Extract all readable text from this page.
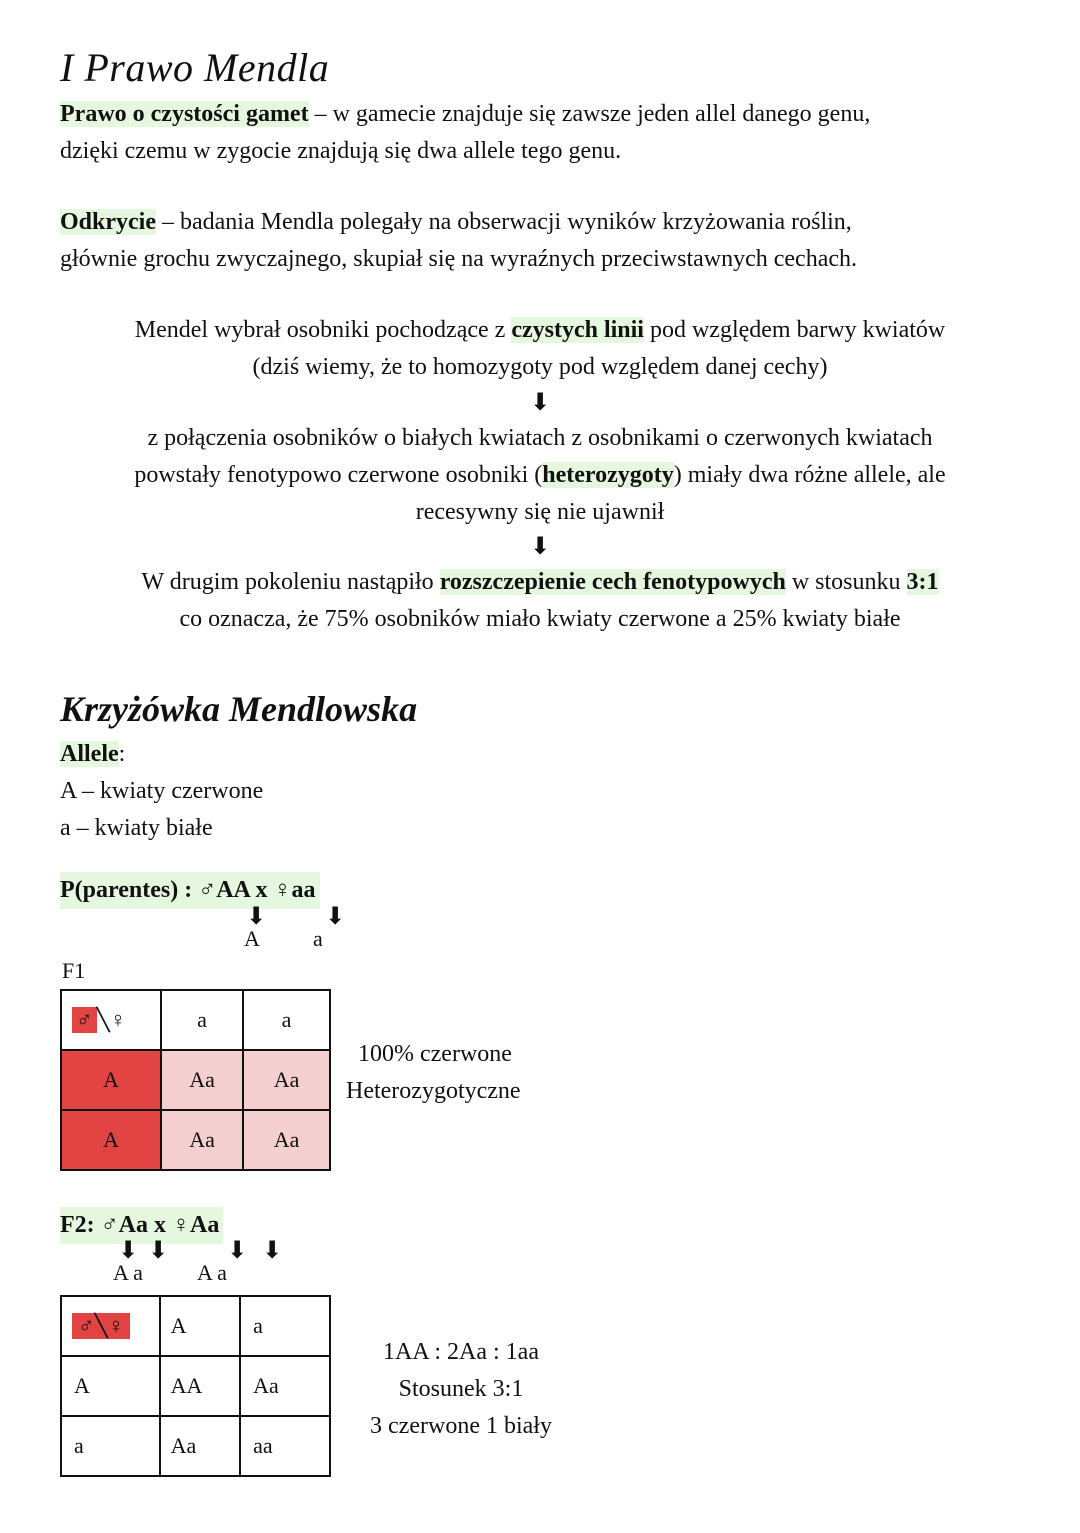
I Prawo Mendla
Prawo o czystości gamet – w gamecie znajduje się zawsze jeden allel danego genu,
dzięki czemu w zygocie znajdują się dwa allele tego genu.
Odkrycie – badania Mendla polegały na obserwacji wyników krzyżowania roślin,
głównie grochu zwyczajnego, skupiał się na wyraźnych przeciwstawnych cechach.
Mendel wybrał osobniki pochodzące z czystych linii pod względem barwy kwiatów
(dziś wiemy, że to homozygoty pod względem danej cechy)
⬇
z połączenia osobników o białych kwiatach z osobnikami o czerwonych kwiatach
powstały fenotypowo czerwone osobniki (heterozygoty) miały dwa różne allele, ale
recesywny się nie ujawnił
⬇
W drugim pokoleniu nastąpiło rozszczepienie cech fenotypowych w stosunku 3:1
co oznacza, że 75% osobników miało kwiaty czerwone a 25% kwiaty białe
Krzyżówka Mendlowska
Allele:
A – kwiaty czerwone
a – kwiaty białe
P(parentes) : ♂AA x ♀aa
⬇ ⬇
A a
F1
♂ ╲♀	a	a
A	Aa	Aa
A	Aa	Aa
100% czerwone
Heterozygotyczne
F2: ♂Aa x ♀Aa
⬇ ⬇ ⬇ ⬇
A a A a
♂╲♀	A	a
A	AA	Aa
a	Aa	aa
1AA : 2Aa : 1aa
Stosunek 3:1
3 czerwone 1 biały
